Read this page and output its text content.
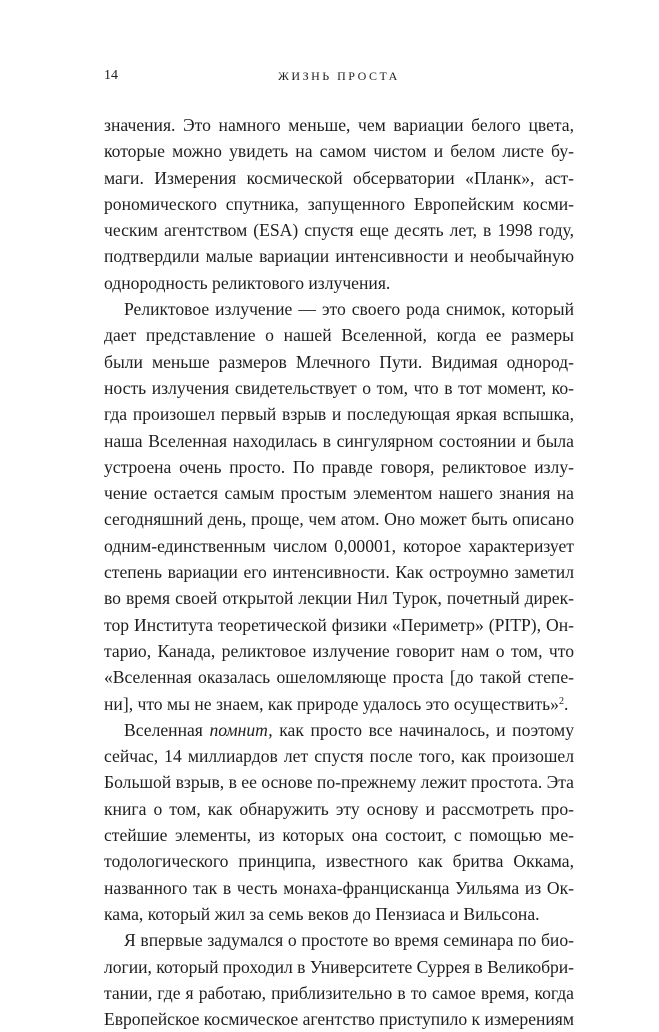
14	ЖИЗНЬ ПРОСТА
значения. Это намного меньше, чем вариации белого цвета,
которые можно увидеть на самом чистом и белом листе бу-
маги. Измерения космической обсерватории «Планк», аст-
рономического спутника, запущенного Европейским косми-
ческим агентством (ESA) спустя еще десять лет, в 1998 году,
подтвердили малые вариации интенсивности и необычайную
однородность реликтового излучения.
Реликтовое излучение — это своего рода снимок, который
дает представление о нашей Вселенной, когда ее размеры
были меньше размеров Млечного Пути. Видимая однород-
ность излучения свидетельствует о том, что в тот момент, ко-
гда произошел первый взрыв и последующая яркая вспышка,
наша Вселенная находилась в сингулярном состоянии и была
устроена очень просто. По правде говоря, реликтовое излу-
чение остается самым простым элементом нашего знания на
сегодняшний день, проще, чем атом. Оно может быть описано
одним-единственным числом 0,00001, которое характеризует
степень вариации его интенсивности. Как остроумно заметил
во время своей открытой лекции Нил Турок, почетный дирек-
тор Института теоретической физики «Периметр» (PITP), Он-
тарио, Канада, реликтовое излучение говорит нам о том, что
«Вселенная оказалась ошеломляюще проста [до такой степе-
ни], что мы не знаем, как природе удалось это осуществить»$^2$.
Вселенная помнит, как просто все начиналось, и поэтому
сейчас, 14 миллиардов лет спустя после того, как произошел
Большой взрыв, в ее основе по-прежнему лежит простота. Эта
книга о том, как обнаружить эту основу и рассмотреть про-
стейшие элементы, из которых она состоит, с помощью ме-
тодологического принципа, известного как бритва Оккама,
названного так в честь монаха-францисканца Уильяма из Ок-
кама, который жил за семь веков до Пензиаса и Вильсона.
Я впервые задумался о простоте во время семинара по био-
логии, который проходил в Университете Суррея в Великобри-
тании, где я работаю, приблизительно в то самое время, когда
Европейское космическое агентство приступило к измерениям
